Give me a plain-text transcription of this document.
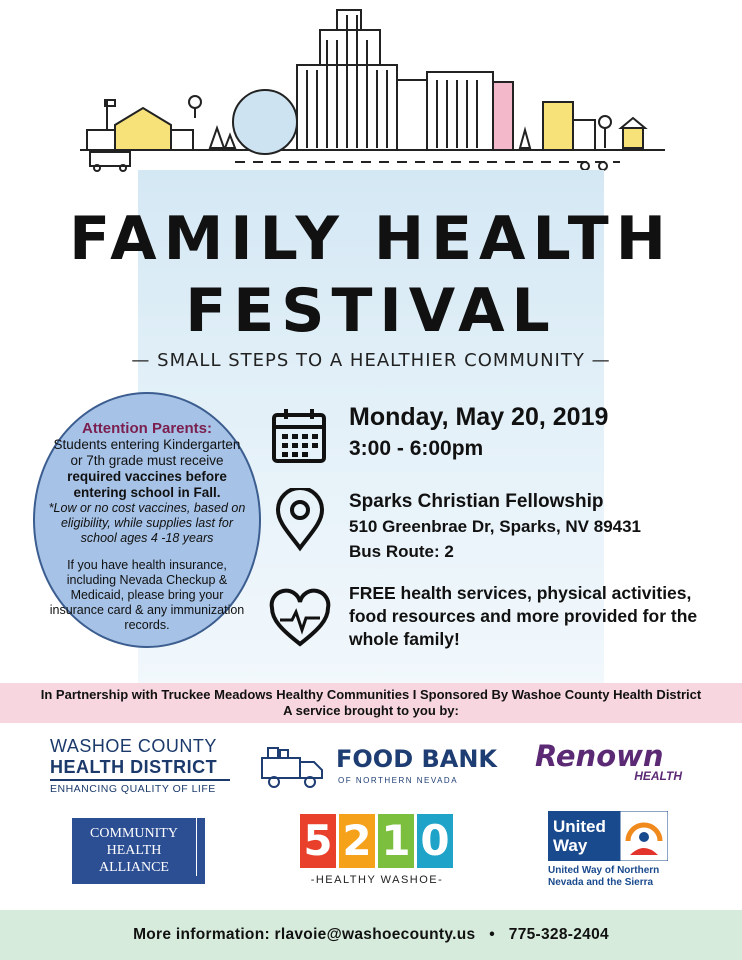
FAMILY HEALTH
FESTIVAL
— SMALL STEPS TO A HEALTHIER COMMUNITY —
Attention Parents:
Students entering Kindergarten or 7th grade must receive required vaccines before entering school in Fall.
*Low or no cost vaccines, based on eligibility, while supplies last for school ages 4 -18 years
If you have health insurance, including Nevada Checkup & Medicaid, please bring your insurance card & any immunization records.
Monday, May 20, 2019
3:00 - 6:00pm
Sparks Christian Fellowship
510 Greenbrae Dr, Sparks, NV 89431
Bus Route: 2
FREE health services, physical activities, food resources and more provided for the whole family!
In Partnership with Truckee Meadows Healthy Communities I Sponsored By Washoe County Health District
A service brought to you by:
WASHOE COUNTY
HEALTH DISTRICT
ENHANCING QUALITY OF LIFE
FOOD BANK
OF NORTHERN NEVADA
Renown
HEALTH
COMMUNITY
HEALTH
ALLIANCE
5 2 1 0
-HEALTHY WASHOE-
United
Way
United Way of Northern
Nevada and the Sierra
More information: rlavoie@washoecounty.us   •   775-328-2404
